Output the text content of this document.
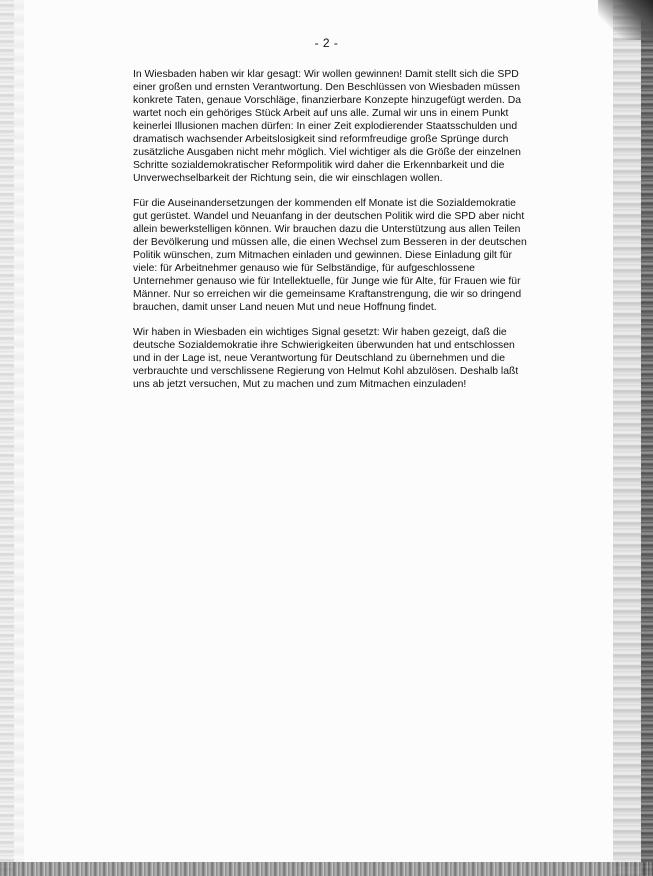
- 2 -

In Wiesbaden haben wir klar gesagt: Wir wollen gewinnen! Damit stellt sich die SPD
einer großen und ernsten Verantwortung. Den Beschlüssen von Wiesbaden müssen
konkrete Taten, genaue Vorschläge, finanzierbare Konzepte hinzugefügt werden. Da
wartet noch ein gehöriges Stück Arbeit auf uns alle. Zumal wir uns in einem Punkt
keinerlei Illusionen machen dürfen: In einer Zeit explodierender Staatsschulden und
dramatisch wachsender Arbeitslosigkeit sind reformfreudige große Sprünge durch
zusätzliche Ausgaben nicht mehr möglich. Viel wichtiger als die Größe der einzelnen
Schritte sozialdemokratischer Reformpolitik wird daher die Erkennbarkeit und die
Unverwechselbarkeit der Richtung sein, die wir einschlagen wollen.

Für die Auseinandersetzungen der kommenden elf Monate ist die Sozialdemokratie
gut gerüstet. Wandel und Neuanfang in der deutschen Politik wird die SPD aber nicht
allein bewerkstelligen können. Wir brauchen dazu die Unterstützung aus allen Teilen
der Bevölkerung und müssen alle, die einen Wechsel zum Besseren in der deutschen
Politik wünschen, zum Mitmachen einladen und gewinnen. Diese Einladung gilt für
viele: für Arbeitnehmer genauso wie für Selbständige, für aufgeschlossene
Unternehmer genauso wie für Intellektuelle, für Junge wie für Alte, für Frauen wie für
Männer. Nur so erreichen wir die gemeinsame Kraftanstrengung, die wir so dringend
brauchen, damit unser Land neuen Mut und neue Hoffnung findet.

Wir haben in Wiesbaden ein wichtiges Signal gesetzt: Wir haben gezeigt, daß die
deutsche Sozialdemokratie ihre Schwierigkeiten überwunden hat und entschlossen
und in der Lage ist, neue Verantwortung für Deutschland zu übernehmen und die
verbrauchte und verschlissene Regierung von Helmut Kohl abzulösen. Deshalb laßt
uns ab jetzt versuchen, Mut zu machen und zum Mitmachen einzuladen!
